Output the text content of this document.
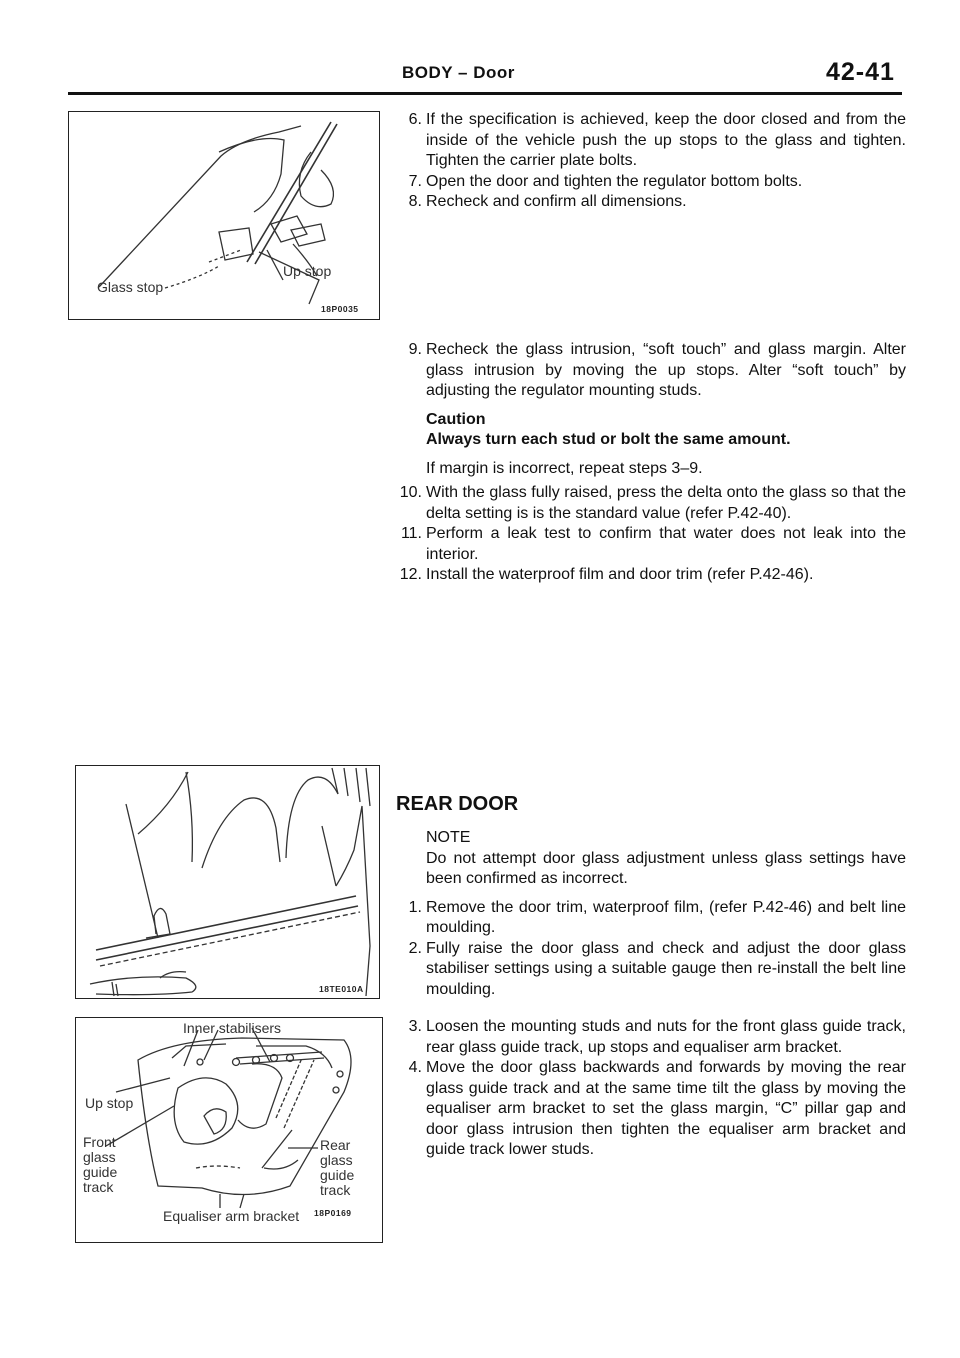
BODY – Door	42-41
Glass stop
Up stop
18P0035
18TE010A
Inner stabilisers
Up stop
Front glass guide track
Rear glass guide track
Equaliser arm bracket 18P0169

6. If the specification is achieved, keep the door closed and from the inside of the vehicle push the up stops to the glass and tighten. Tighten the carrier plate bolts.

7. Open the door and tighten the regulator bottom bolts.

8. Recheck and confirm all dimensions.

9. Recheck the glass intrusion, “soft touch” and glass margin. Alter glass intrusion by moving the up stops. Alter “soft touch” by adjusting the regulator mounting studs.

Caution
Always turn each stud or bolt the same amount.
If margin is incorrect, repeat steps 3–9.

10. With the glass fully raised, press the delta onto the glass so that the delta setting is is the standard value (refer P.42-40).

11. Perform a leak test to confirm that water does not leak into the interior.

12. Install the waterproof film and door trim (refer P.42-46).

REAR DOOR
NOTE
Do not attempt door glass adjustment unless glass settings have been confirmed as incorrect.

1. Remove the door trim, waterproof film, (refer P.42-46) and belt line moulding.

2. Fully raise the door glass and check and adjust the door glass stabiliser settings using a suitable gauge then re-install the belt line moulding.

3. Loosen the mounting studs and nuts for the front glass guide track, rear glass guide track, up stops and equaliser arm bracket.

4. Move the door glass backwards and forwards by moving the rear glass guide track and at the same time tilt the glass by moving the equaliser arm bracket to set the glass margin, “C” pillar gap and door glass intrusion then tighten the equaliser arm bracket and guide track lower studs.
